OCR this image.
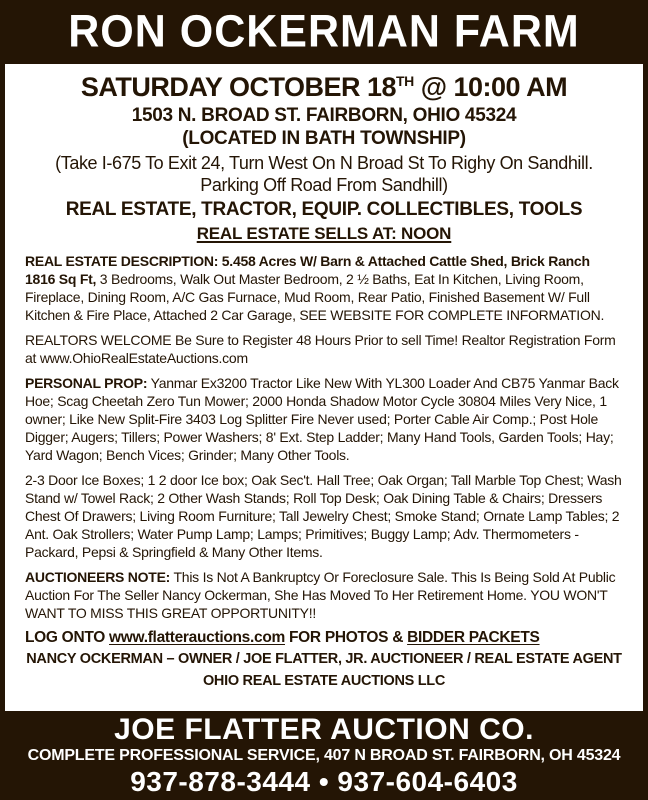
RON OCKERMAN FARM
SATURDAY OCTOBER 18TH @ 10:00 AM
1503 N. BROAD ST. FAIRBORN, OHIO 45324
(LOCATED IN BATH TOWNSHIP)
(Take I-675 To Exit 24, Turn West On N Broad St To Righy On Sandhill.
Parking Off Road From Sandhill)
REAL ESTATE, TRACTOR, EQUIP. COLLECTIBLES, TOOLS
REAL ESTATE SELLS AT: NOON
REAL ESTATE DESCRIPTION: 5.458 Acres W/ Barn & Attached Cattle Shed, Brick Ranch 1816 Sq Ft, 3 Bedrooms, Walk Out Master Bedroom, 2 ½ Baths, Eat In Kitchen, Living Room, Fireplace, Dining Room, A/C Gas Furnace, Mud Room, Rear Patio, Finished Basement W/ Full Kitchen & Fire Place, Attached 2 Car Garage, SEE WEBSITE FOR COMPLETE INFORMATION.
REALTORS WELCOME Be Sure to Register 48 Hours Prior to sell Time! Realtor Registration Form at www.OhioRealEstateAuctions.com
PERSONAL PROP: Yanmar Ex3200 Tractor Like New With YL300 Loader And CB75 Yanmar Back Hoe; Scag Cheetah Zero Tun Mower; 2000 Honda Shadow Motor Cycle 30804 Miles Very Nice, 1 owner; Like New Split-Fire 3403 Log Splitter Fire Never used; Porter Cable Air Comp.; Post Hole Digger; Augers; Tillers; Power Washers; 8' Ext. Step Ladder; Many Hand Tools, Garden Tools; Hay; Yard Wagon; Bench Vices; Grinder; Many Other Tools.
2-3 Door Ice Boxes; 1 2 door Ice box; Oak Sec't. Hall Tree; Oak Organ; Tall Marble Top Chest; Wash Stand w/ Towel Rack; 2 Other Wash Stands; Roll Top Desk; Oak Dining Table & Chairs; Dressers Chest Of Drawers; Living Room Furniture; Tall Jewelry Chest; Smoke Stand; Ornate Lamp Tables; 2 Ant. Oak Strollers; Water Pump Lamp; Lamps; Primitives; Buggy Lamp; Adv. Thermometers - Packard, Pepsi & Springfield & Many Other Items.
AUCTIONEERS NOTE: This Is Not A Bankruptcy Or Foreclosure Sale. This Is Being Sold At Public Auction For The Seller Nancy Ockerman, She Has Moved To Her Retirement Home. YOU WON'T WANT TO MISS THIS GREAT OPPORTUNITY!!
LOG ONTO www.flatterauctions.com FOR PHOTOS & BIDDER PACKETS
NANCY OCKERMAN – OWNER / JOE FLATTER, JR. AUCTIONEER / REAL ESTATE AGENT
OHIO REAL ESTATE AUCTIONS LLC
JOE FLATTER AUCTION CO.
COMPLETE PROFESSIONAL SERVICE, 407 N BROAD ST. FAIRBORN, OH 45324
937-878-3444 • 937-604-6403
